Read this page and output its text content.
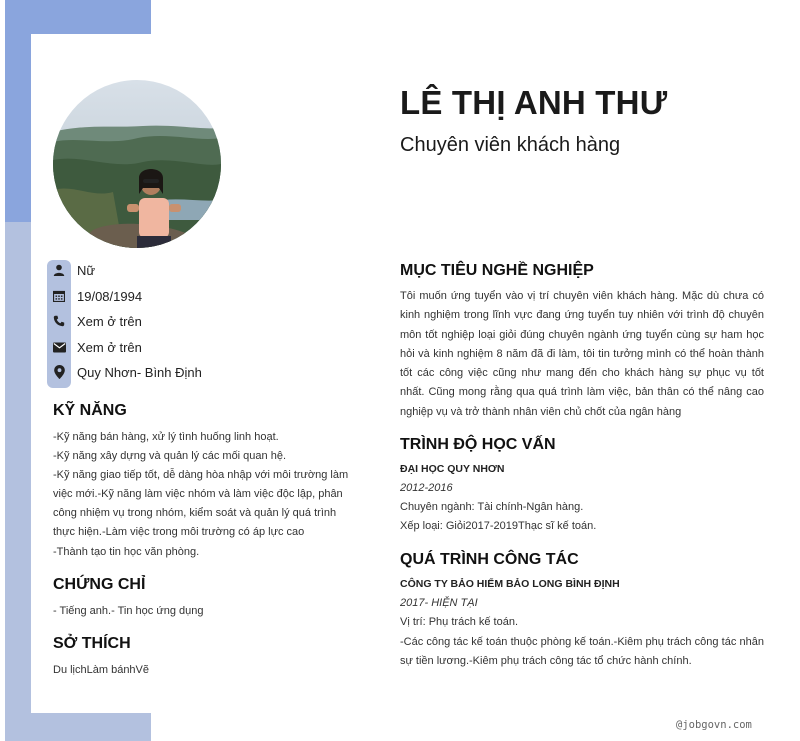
LÊ THỊ ANH THƯ
Chuyên viên khách hàng
Nữ
19/08/1994
Xem ở trên
Xem ở trên
Quy Nhơn- Bình Định
KỸ NĂNG

-Kỹ năng bán hàng, xử lý tình huống linh hoạt.

-Kỹ năng xây dựng và quản lý các mối quan hệ.

-Kỹ năng giao tiếp tốt, dễ dàng hòa nhập với môi trường làm việc mới.-Kỹ năng làm việc nhóm và làm việc độc lập, phân công nhiệm vụ trong nhóm, kiểm soát và quản lý quá trình thực hiện.-Làm việc trong môi trường có áp lực cao

-Thành tạo tin học văn phòng.

CHỨNG CHỈ
- Tiếng anh.- Tin học ứng dụng
SỞ THÍCH
Du lịchLàm bánhVẽ
MỤC TIÊU NGHỀ NGHIỆP
Tôi muốn ứng tuyển vào vị trí chuyên viên khách hàng. Mặc dù chưa có kinh nghiệm trong lĩnh vực đang ứng tuyển tuy nhiên với trình độ chuyên môn tốt nghiệp loại giỏi đúng chuyên ngành ứng tuyển cùng sự ham học hỏi và kinh nghiệm 8 năm đã đi làm, tôi tin tưởng mình có thể hoàn thành tốt các công việc cũng như mang đến cho khách hàng sự phục vụ tốt nhất. Cũng mong rằng qua quá trình làm việc, bản thân có thể nâng cao nghiệp vụ và trở thành nhân viên chủ chốt của ngân hàng
TRÌNH ĐỘ HỌC VẤN
ĐẠI HỌC QUY NHƠN
2012-2016
Chuyên ngành: Tài chính-Ngân hàng.
Xếp loại: Giỏi2017-2019Thạc sĩ kế toán.
QUÁ TRÌNH CÔNG TÁC
CÔNG TY BẢO HIỂM BẢO LONG BÌNH ĐỊNH
2017- HIỆN TẠI
Vị trí: Phụ trách kế toán.
-Các công tác kế toán thuộc phòng kế toán.-Kiêm phụ trách công tác nhân sự tiền lương.-Kiêm phụ trách công tác tổ chức hành chính.
@jobgovn.com
